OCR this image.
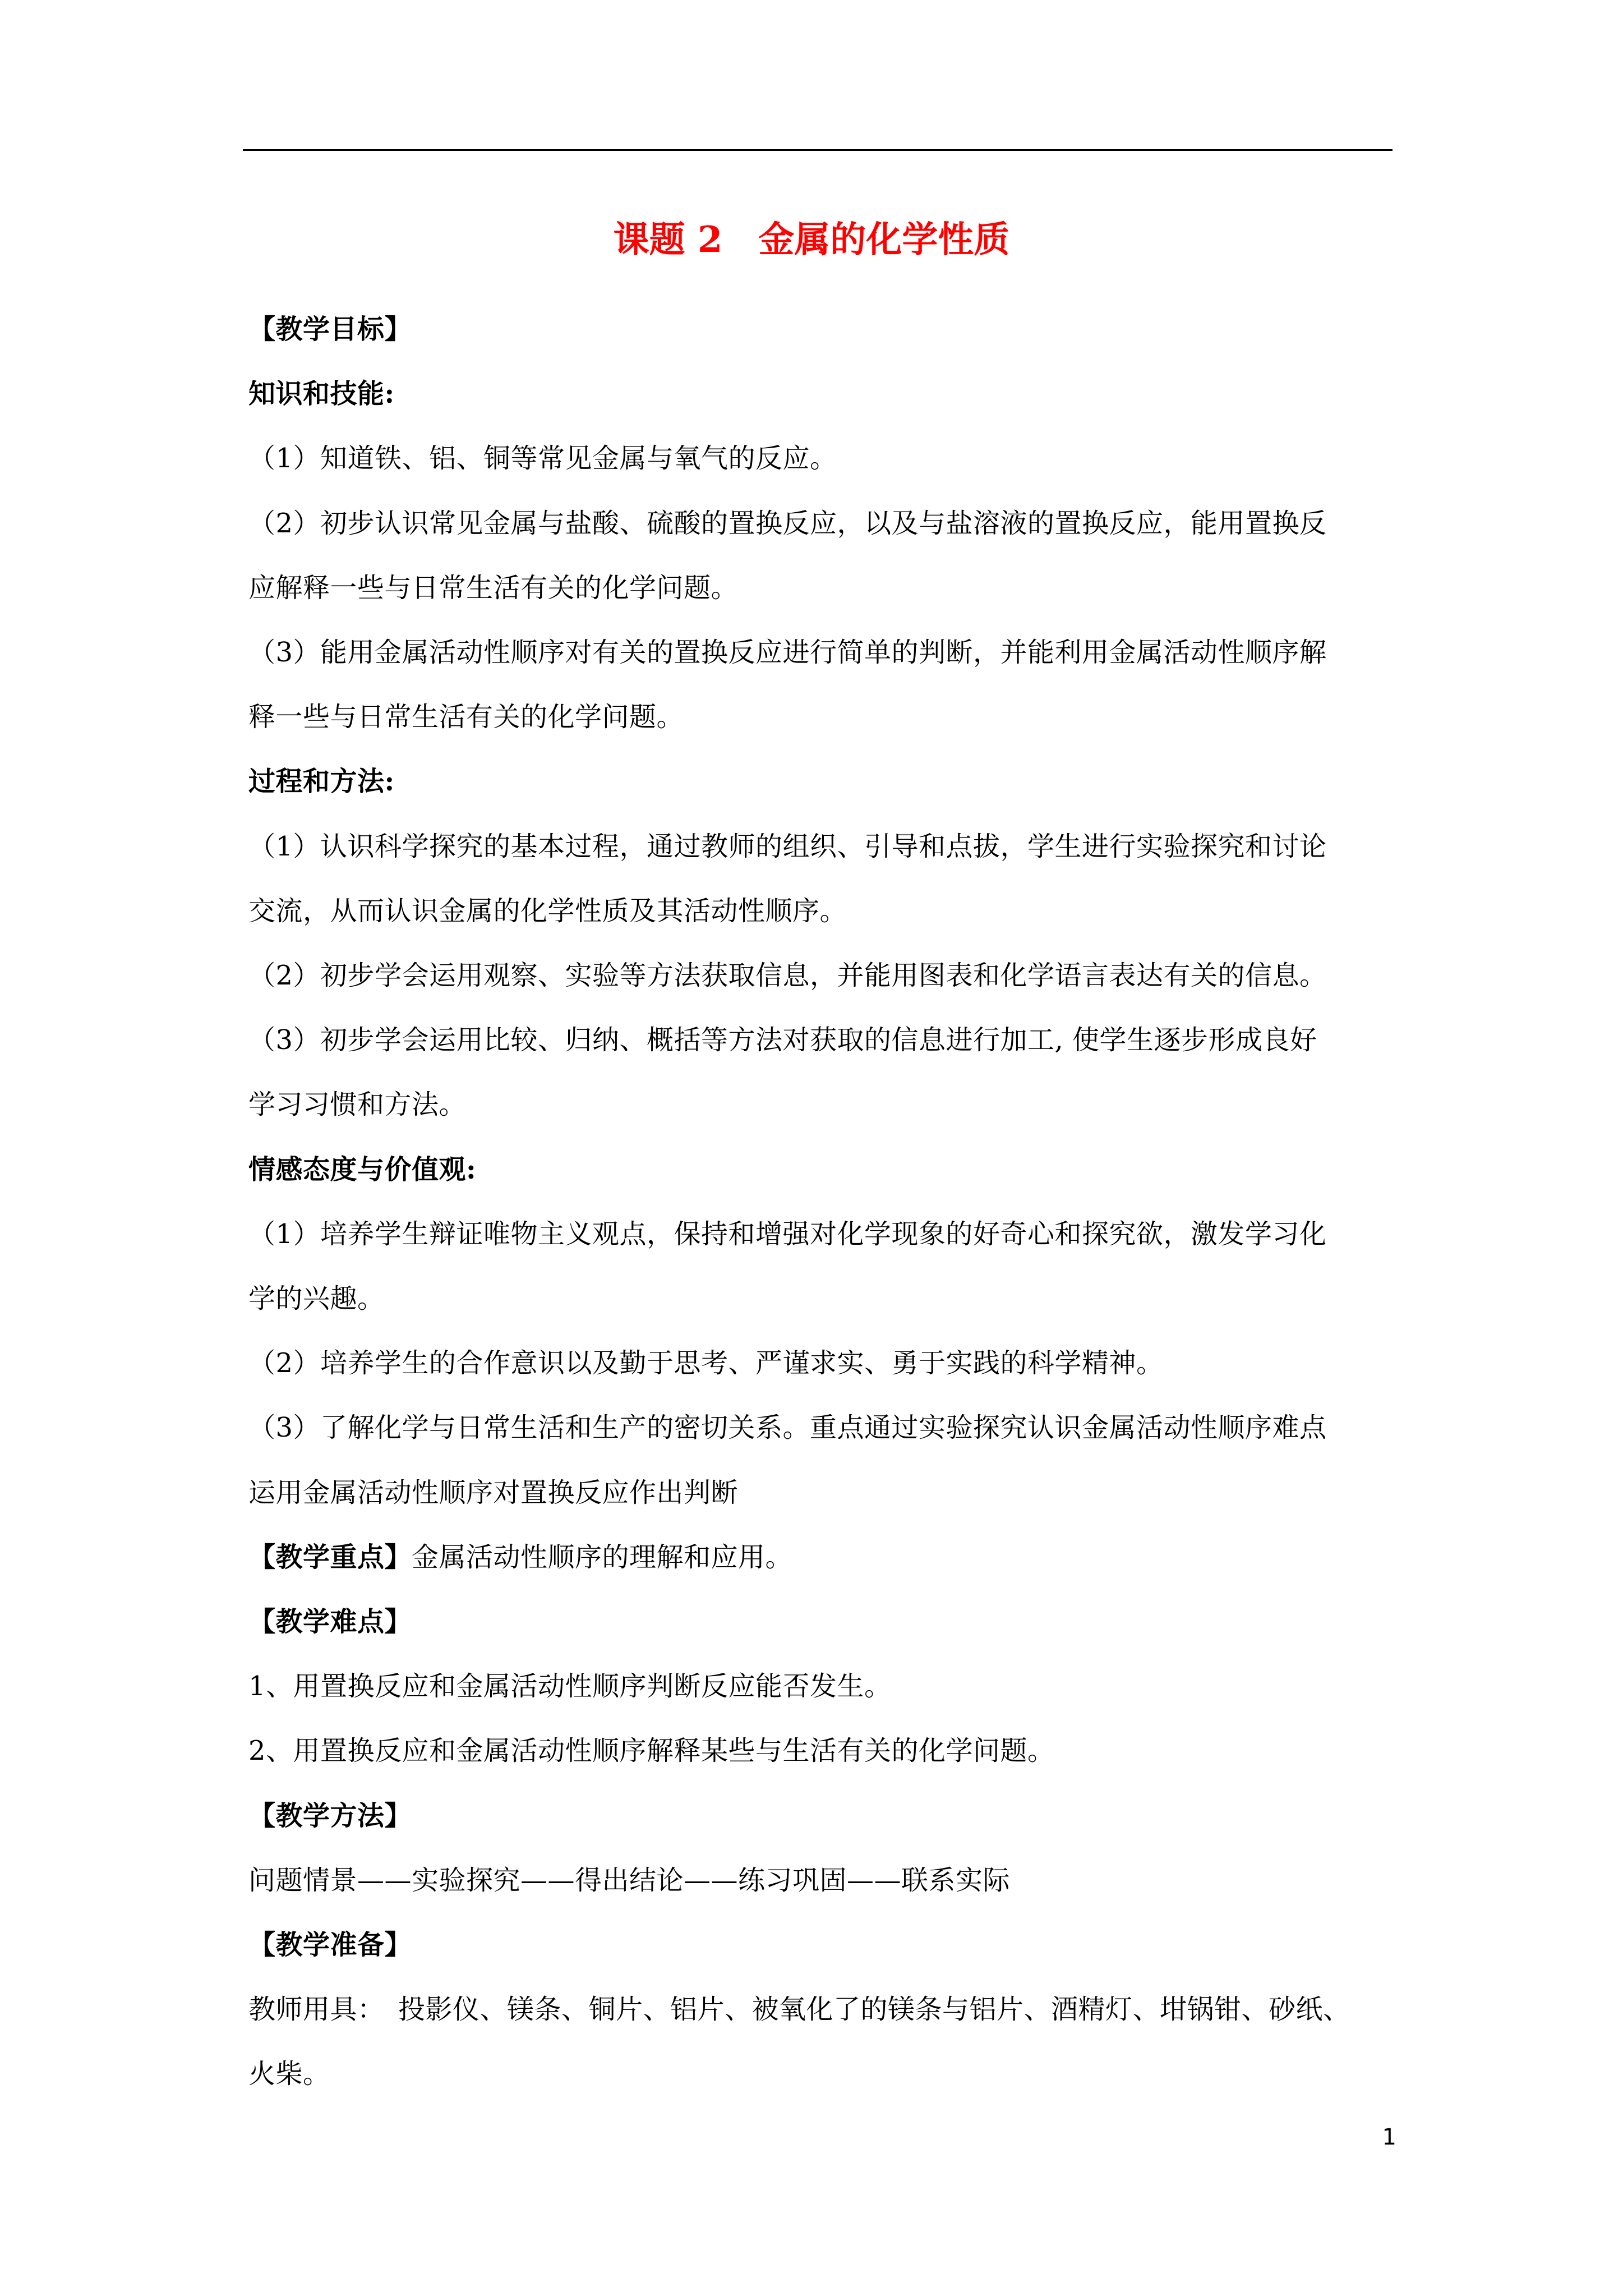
课题 2　金属的化学性质
【教学目标】
知识和技能:
（1）知道铁、铝、铜等常见金属与氧气的反应。
（2）初步认识常见金属与盐酸、硫酸的置换反应，以及与盐溶液的置换反应，能用置换反
应解释一些与日常生活有关的化学问题。
（3）能用金属活动性顺序对有关的置换反应进行简单的判断，并能利用金属活动性顺序解
释一些与日常生活有关的化学问题。
过程和方法:
（1）认识科学探究的基本过程，通过教师的组织、引导和点拔，学生进行实验探究和讨论
交流，从而认识金属的化学性质及其活动性顺序。
（2）初步学会运用观察、实验等方法获取信息，并能用图表和化学语言表达有关的信息。
（3）初步学会运用比较、归纳、概括等方法对获取的信息进行加工, 使学生逐步形成良好
学习习惯和方法。
情感态度与价值观:
（1）培养学生辩证唯物主义观点，保持和增强对化学现象的好奇心和探究欲，激发学习化
学的兴趣。
（2）培养学生的合作意识以及勤于思考、严谨求实、勇于实践的科学精神。
（3）了解化学与日常生活和生产的密切关系。重点通过实验探究认识金属活动性顺序难点
运用金属活动性顺序对置换反应作出判断
【教学重点】金属活动性顺序的理解和应用。
【教学难点】
1、用置换反应和金属活动性顺序判断反应能否发生。
2、用置换反应和金属活动性顺序解释某些与生活有关的化学问题。
【教学方法】
问题情景——实验探究——得出结论——练习巩固——联系实际
【教学准备】
教师用具：　投影仪、镁条、铜片、铝片、被氧化了的镁条与铝片、酒精灯、坩锅钳、砂纸、
火柴。
1
